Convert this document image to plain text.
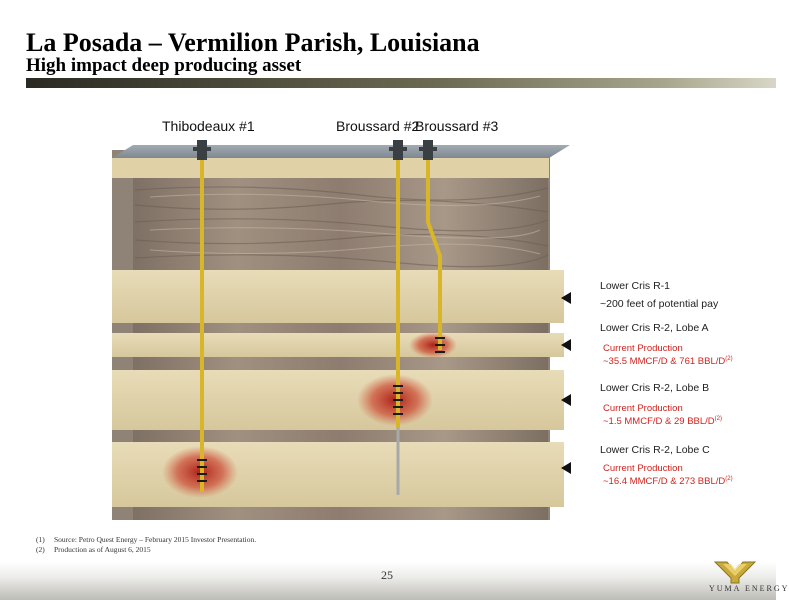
La Posada – Vermilion Parish, Louisiana
High impact deep producing asset
Thibodeaux #1	Broussard #2
Broussard #3
Lower Cris R-1
~200 feet of potential pay
Lower Cris R-2, Lobe A
Current Production
~35.5 MMCF/D & 761 BBL/$D^{(2)}$
Lower Cris R-2, Lobe B
Current Production
~1.5 MMCF/D & 29 BBL/$D^{(2)}$
Lower Cris R-2, Lobe C
Current Production
~16.4 MMCF/D & 273 BBL/$D^{(2)}$
(1) Source: Petro Quest Energy – February 2015 Investor Presentation.
(2) Production as of August 6, 2015
25
YUMA ENERGY
